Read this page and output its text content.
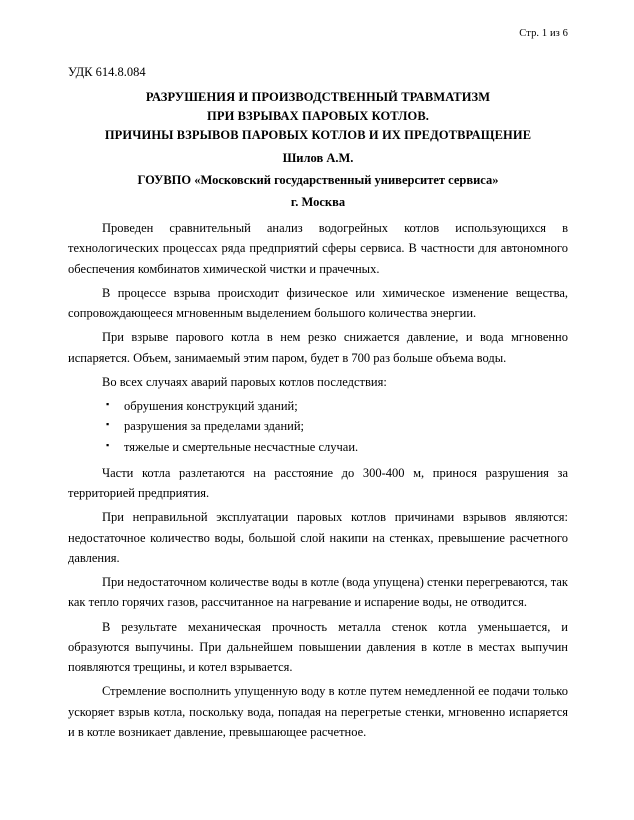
Стр. 1 из 6
УДК 614.8.084
РАЗРУШЕНИЯ И ПРОИЗВОДСТВЕННЫЙ ТРАВМАТИЗМ
ПРИ ВЗРЫВАХ ПАРОВЫХ КОТЛОВ.
ПРИЧИНЫ ВЗРЫВОВ ПАРОВЫХ КОТЛОВ И ИХ ПРЕДОТВРАЩЕНИЕ
Шилов А.М.
ГОУВПО «Московский государственный университет сервиса»
г. Москва

Проведен сравнительный анализ водогрейных котлов использующихся в технологических процессах ряда предприятий сферы сервиса. В частности для автономного обеспечения комбинатов химической чистки и прачечных.

В процессе взрыва происходит физическое или химическое изменение вещества, сопровождающееся мгновенным выделением большого количества энергии.

При взрыве парового котла в нем резко снижается давление, и вода мгновенно испаряется. Объем, занимаемый этим паром, будет в 700 раз больше объема воды.

Во всех случаях аварий паровых котлов последствия:

▪ обрушения конструкций зданий;
▪ разрушения за пределами зданий;
▪ тяжелые и смертельные несчастные случаи.

Части котла разлетаются на расстояние до 300-400 м, принося разрушения за территорией предприятия.

При неправильной эксплуатации паровых котлов причинами взрывов являются: недостаточное количество воды, большой слой накипи на стенках, превышение расчетного давления.

При недостаточном количестве воды в котле (вода упущена) стенки перегреваются, так как тепло горячих газов, рассчитанное на нагревание и испарение воды, не отводится.

В результате механическая прочность металла стенок котла уменьшается, и образуются выпучины. При дальнейшем повышении давления в котле в местах выпучин появляются трещины, и котел взрывается.

Стремление восполнить упущенную воду в котле путем немедленной ее подачи только ускоряет взрыв котла, поскольку вода, попадая на перегретые стенки, мгновенно испаряется и в котле возникает давление, превышающее расчетное.
